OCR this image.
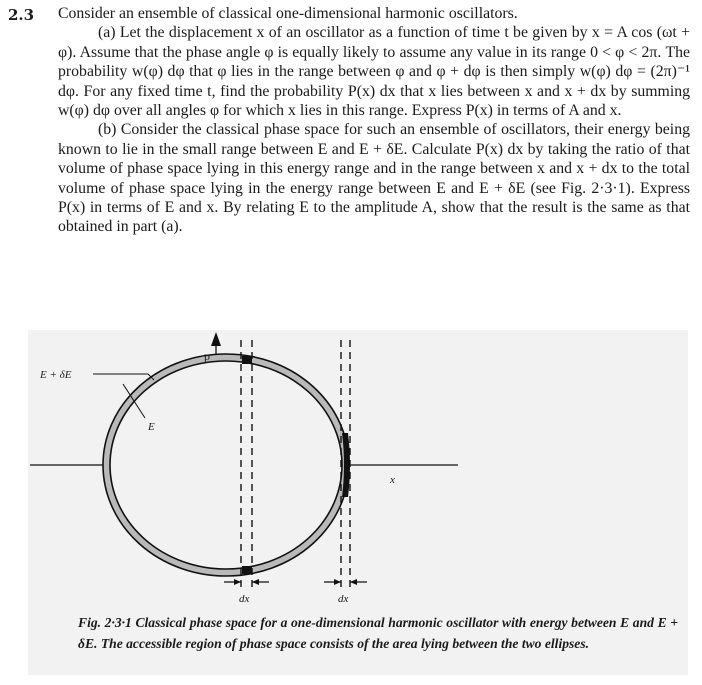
2.3 Consider an ensemble of classical one-dimensional harmonic oscillators.

(a) Let the displacement x of an oscillator as a function of time t be given by x = A cos (ωt + φ). Assume that the phase angle φ is equally likely to assume any value in its range 0 < φ < 2π. The probability w(φ) dφ that φ lies in the range between φ and φ + dφ is then simply w(φ) dφ = (2π)⁻¹ dφ. For any fixed time t, find the probability P(x) dx that x lies between x and x + dx by summing w(φ) dφ over all angles φ for which x lies in this range. Express P(x) in terms of A and x.

(b) Consider the classical phase space for such an ensemble of oscillators, their energy being known to lie in the small range between E and E + δE. Calculate P(x) dx by taking the ratio of that volume of phase space lying in this energy range and in the range between x and x + dx to the total volume of phase space lying in the energy range between E and E + δE (see Fig. 2·3·1). Express P(x) in terms of E and x. By relating E to the amplitude A, show that the result is the same as that obtained in part (a).

E + δE
E
p
x
dx	dx
Fig. 2·3·1 Classical phase space for a one-dimensional harmonic oscillator with energy between E and E + δE. The accessible region of phase space consists of the area lying between the two ellipses.
